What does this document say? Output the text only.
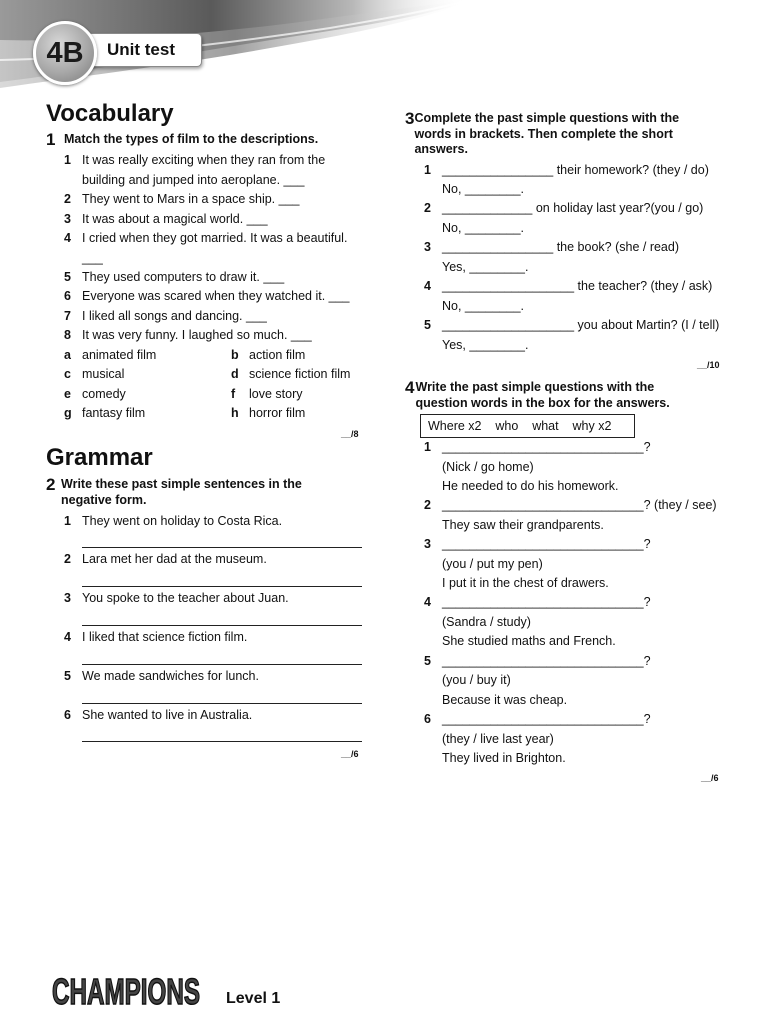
4B Unit test
Vocabulary
1 Match the types of film to the descriptions.
1 It was really exciting when they ran from the building and jumped into aeroplane. ___
2 They went to Mars in a space ship. ___
3 It was about a magical world. ___
4 I cried when they got married. It was a beautiful. ___
5 They used computers to draw it. ___
6 Everyone was scared when they watched it. ___
7 I liked all songs and dancing. ___
8 It was very funny. I laughed so much. ___
a animated film	b action film
c musical	d science fiction film
e comedy	f	love story
g fantasy film	h horror film
__/8
Grammar
2 Write these past simple sentences in the negative form.
1 They went on holiday to Costa Rica.
2 Lara met her dad at the museum.
3 You spoke to the teacher about Juan.
4 I liked that science fiction film.
5 We made sandwiches for lunch.
6 She wanted to live in Australia.
__/6
3 Complete the past simple questions with the words in brackets. Then complete the short answers.
1 ________________ their homework? (they / do)
No, ________.
2 _____________ on holiday last year?(you / go)
No, ________.
3 ________________ the book? (she / read)
Yes, ________.
4 ___________________ the teacher? (they / ask)
No, ________.
5 ___________________ you about Martin? (I / tell)
Yes, ________.
__/10
4 Write the past simple questions with the question words in the box for the answers.
Where x2    who    what    why x2
1 _____________________________?
(Nick / go home)
He needed to do his homework.
2 _____________________________? (they / see)
They saw their grandparents.
3 _____________________________?
(you / put my pen)
I put it in the chest of drawers.
4 _____________________________?
(Sandra / study)
She studied maths and French.
5 _____________________________?
(you / buy it)
Because it was cheap.
6 _____________________________?
(they / live last year)
They lived in Brighton.
__/6
CHAMPIONS Level 1
